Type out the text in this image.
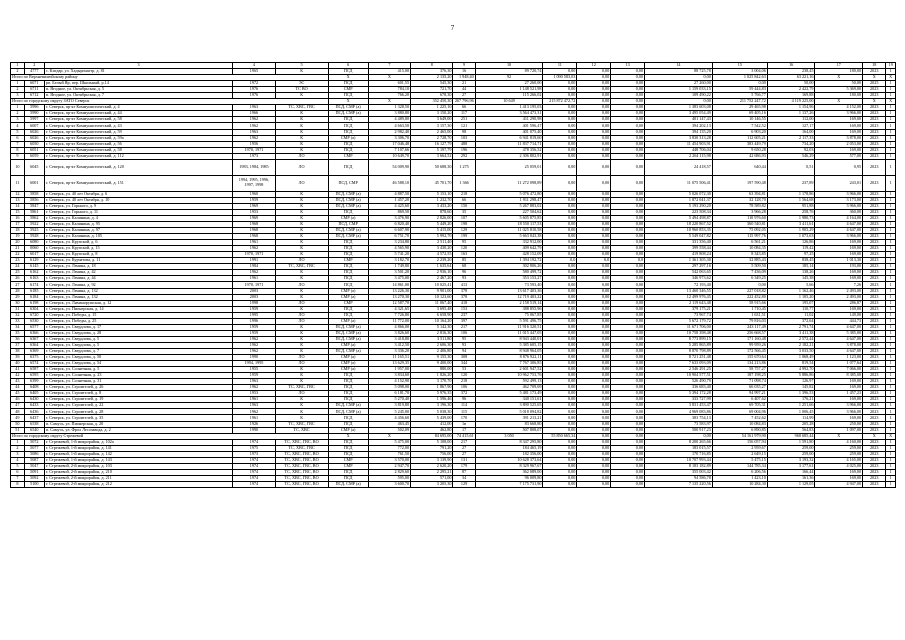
7
1	2	3	4	5	6	7	8	9	10	11	12	13	14	15	16	17	18	19
2	4777	с. Кигдар, ул. Хадыргыштр, д. 81	1965	К	ПСД	415,00	376,30	16	89 720,74	0,00	0,00	0,00	88 725,78	3 004,06	238,45	180,00	2023	1
Итого по Верхневилюйскому району					Х	Х	2 135,20	1 948,40	92	1 090 583,03	0,00	0,00	0,00	1 025 842,63	63 221,16	Х	Х	Х
1	6071	рп. Белый Яр, пер. Школьный, р.14	1972	ЭС	ПСД	601,55	545,30	21	27 260,00	0,00	0,00	0,00	27 260,00	0,00	50,00	50,00	2025	1
2	6711	п. Ягодное, ул. Октябрьская, д. 5	1976	ТС ВО	СМР	784,10	721,70	44	1 148 521,98	0,00	0,00	0,00	1 159 033,15	59 444,83	2 422,79	5 369,00	2023	1
3	6712	п. Ягодное, ул. Октябрьская, д. 7	1976	К	ПСД	766,20	678,30	27	115 266,02	0,00	0,00	0,00	109 490,22	5 766,77	169,88	180,00	2023	1
Итого по городскому округу ЗАТО Северск					Х	Х	352 450,30	267 796,96	10 649	215 872 472,72	0,00	0,00	0,00	211 752 247,72	4 119 225,00	Х	Х	Х
1	5996	г. Северск, пр-кт Коммунистический, д. 4	1963	ТС, ХВС, ГВС	ПСД, СМР (а)	1 328,50	1 225,10	66	1 413 195,03	0,00	0,00	0,00	1 383 603,08	29 465,98	1 154,96	4 152,00	2023	1
2	5990	г. Северск, пр-кт Коммунистический, д. 44	1966	К	ПСД, СМР (а)	3 880,80	3 150,20	117	3 564 473,31	0,00	0,00	0,00	3 495 054,49	69 405,16	1 137,26	3 966,00	2023	1
3	5997	г. Северск, пр-кт Коммунистический, д. 58	1962	К	ПСД	4 489,80	3 649,00	251	411 290,98	0,00	0,00	0,00	401 147,43	10 146,55	112,00	169,00	2023	1
4	6007	г. Северск, пр-кт Коммунистический, д. 43	1962	К	ПСД	4 663,50	3 157,30	121	401 596,47	0,00	0,00	0,00	394 202,13	7 542,52	127,17	169,00	2023	1
5	6026	г. Северск, пр-кт Коммунистический, д. 59	1963	К	ПСД	2 982,40	2 465,00	98	401 075,40	0,00	0,00	0,00	394 135,20	6 903,20	164,00	169,00	2023	1
6	6026	г. Северск, пр-кт Коммунистический, д. 59а	1962	К	СМР (а)	3 306,70	2 728,70	103	6 941 819,60	0,00	0,00	0,00	3 830 313,28	112 605,21	2 117,33	3 878,00	2023	1
7	6050	г. Северск, пр-кт Коммунистический, д. 56	1956	К	ПСД	17 046,48	16 127,79	488	11 837 714,71	0,00	0,00	0,00	11 454 903,91	383 449,79	734,20	2 053,00	2023	1
8	6051	г. Северск, пр-кт Коммунистический, д. 58	1970, 1971	К	ПСД	7 107,66	5 197,79	196	478 356,52	0,00	0,00	0,00	448 706,04	9 650,28	92,03	169,00	2023	1
9	6059	г. Северск, пр-кт Коммунистический, д. 112	1973	ЛО	СМР	10 649,70	3 664,52	292	2 306 802,91	0,00	0,00	0,00	2 264 115,98	42 686,93	546,29	577,00	2023	1
10	6045	г. Северск, пр-кт Коммунистический, д. 120	1983, 1984, 1985	ЛО	ПСД	54 009,90	50 688,30	1 275	25 059,01	0,00	0,00	0,00	24 418,57	640,44	0,51	0,95	2023	1
11	6001	г. Северск, пр-кт Коммунистический, д. 151	1994, 1995, 1996, 1997, 1998	ЛО	ПСД, СМР	46 588,10	45 701,70	1 366	11 272 098,89	0,00	0,00	0,00	11 075 506,41	197 590,48	237,89	243,01	2023	1
12	5858	г. Северск, ул. 40 лет Октября, д. 6	1960	К	ПСД, СМР (а)	4 887,50	5 153,10	218	5 076 472,80	0,00	0,00	0,00	5 026 072,30	63 394,81	1 178,86	3 966,00	2023	1
13	5856	г. Северск, ул. 40 лет Октября, д. 10	1959	К	ПСД, СМР (а)	1 457,20	1 232,70	66	1 911 298,47	0,00	0,00	0,00	1 872 041,37	32 128,70	1 564,68	3 173,00	2023	1
14	5847	г. Северск, ул. Горького, д. 9	1969	К	ПСД, СМР (а)	4 425,60	3 433,20	150	5 267 883,02	0,00	0,00	0,00	5 193 290,20	78 589,82	951,88	3 966,00	2023	1
15	5861	г. Северск, ул. Горького, д. 11	1953	К	ПСД	869,50	878,60	35	227 504,62	0,00	0,00	0,00	223 508,34	3 966,28	258,76	360,00	2023	1
16	5862	г. Северск, ул. Калинина, д. 4	1969	К	СМР (а)	3 476,90	2 826,00	107	5 605 875,85	0,00	0,00	0,00	5 494 498,87	110 976,60	1 980,73	4 164,00	2023	1
17	5922	г. Северск, ул. Калинина, д. 95	1968	К	ПСД, СМР	6 820,40	5 449,20	198	18 550 117,53	0,00	0,00	0,00	18 220 867,52	360 540,81	3 411,61	4 647,00	2023	1
18	5925	г. Северск, ул. Калинина, д. 97	1968	К	ПСД, СМР (а)	6 607,90	5 415,00	129	11 025 810,58	0,00	0,00	0,00	10 960 853,35	75 092,05	1 905,29	4 647,00	2023	1
19	5928	г. Северск, ул. Калинина, д. 105	1968	К	ПСД, СМР (а)	6 751,70	5 992,70	199	5 663 043,38	0,00	0,00	0,00	5 549 047,82	115 997,76	1 073,63	3 966,00	2023	1
20	6080	г. Северск, ул. Крупской, д. 6	1961	К	ПСД	3 234,80	2 511,40	95	332 912,00	0,00	0,00	0,00	331 356,40	6 561,21	126,86	169,00	2023	1
21	0060	г. Северск, ул. Крупской, д. 15	1962	К	ПСД	4 565,90	3 430,20	120	409 642,79	0,00	0,00	0,00	399 558,44	10 084,35	119,42	169,00	2023	1
22	6017	г. Северск, ул. Крупской, д. 8	1970, 1971	К	ПСД	5 741,20	4 572,55	163	428 152,09	0,00	0,00	0,00	419 808,24	8 343,85	97,25	169,00	2023	1
23	6129	г. Северск, ул. Курчатова, д. 11	1991	ЛО	СМР	3 182,70	2 239,20	85	1 394 192,72	0,0	0,0	0,0	1 361 305,30	32 885,43	838,45	1 013,30	2023	1
24	6145	г. Северск, ул. Ленина, д. 18	1984	ТС, ХВС, ГВС	ПСД	1 749,80	1 635,64	68	302 806,26	0,00	0,00	0,00	297 297,16	5 509,50	185,14	193,00	2023	1
25	6162	г. Северск, ул. Ленина, д. 42	1962	К	ПСД	3 501,20	2 936,10	96	580 499,72	0,00	0,00	0,00	542 063,65	7 436,09	138,26	169,00	2023	1
26	6163	г. Северск, ул. Ленина, д. 44	1961	К	ПСД	3 475,00	2 467,20	93	353 153,27	0,00	0,00	0,00	346 973,62	6 349,25	145,38	169,00	2023	1
27	6174	г. Северск, ул. Ленина, д. 92	1970, 1971	ЛО	ПСД	14 861,00	10 025,41	413	73 593,40	0,00	0,00	0,00	72 193,40	0,00	5,66	7,26	2023	1
28	6185	г. Северск, ул. Ленина, д. 132	2003	К	СМР (а)	13 226,30	9 901,00	378	13 617 403,36	0,00	0,00	0,00	13 460 346,55	227 018,82	1 162,46	2 493,00	2023	1
29	6184	г. Северск, ул. Ленина, д. 132	2003	К	СМР (а)	13 270,30	10 123,60	378	12 719 403,22	0,00	0,00	0,00	12 499 976,45	222 452,80	1 105,20	2 493,00	2023	1
30	6198	г. Северск, ул. Лиманорушская, д. 12	1998	ЛО	СМР	12 587,70	11 067,40	418	2 158 519,14	0,00	0,00	0,00	2 119 643,48	58 915,66	195,07	286,87	2023	1
31	6304	г. Северск, ул. Пионерская, д. 14	1959	К	ПСД	4 321,65	3 695,48	153	388 855,96	0,00	0,00	0,00	379 175,21	1 710,45	110,77	169,00	2023	1
32	6720	г. Северск, ул. Победы, д. 15	1995	ЛО	ПСД	7 726,80	6 658,90	237	75 067,85	0,00	0,00	0,00	73 967,74	1 631,51	11,02	149,00	2023	1
33	6530	г. Северск, ул. Победы, д. 25	1996	ЛО	СМР (а)	11 772,00	10 164,20	397	5 591 496,75	0,00	0,00	0,00	5 672 179,72	79 816,03	372,64	444,73	2023	1
34	6577	г. Северск, ул. Свердлова, д. 17	1959	К	ПСД, СМР (а)	4 866,00	5 142,30	217	11 916 320,51	0,00	0,00	0,00	11 671 706,00	243 117,49	2 791,74	4 647,00	2023	1
35	6366	г. Северск, ул. Свердлова, д. 28	1959	К	ПСД, СМР (а)	3 826,60	2 816,30	106	11 015 447,05	0,00	0,00	0,00	10 758 398,48	256 668,57	3 411,38	5 385,00	2023	1
36	6367	г. Северск, ул. Свердлова, д. 5	1962	К	ПСД, СМР (а)	3 418,80	3 511,80	95	8 943 440,01	0,00	0,00	0,00	8 773 899,15	171 160,48	2 572,44	4 647,00	2023	1
37	6364	г. Северск, ул. Свердлова, д. 5	1962	К	СМР (а)	3 412,50	2 606,30	93	5 385 605,15	0,00	0,00	0,00	5 285 865,89	99 959,26	2 182,21	3 878,00	2023	1
38	6369	г. Северск, ул. Свердлова, д. 7	1962	К	ПСД, СМР (а)	3 336,20	2 406,80	94	8 948 964,05	0,00	0,00	0,00	8 870 798,89	172 566,45	3 033,50	4 647,00	2023	1
39	6375	г. Северск, ул. Свердлова, д. 50	1990	ЛО	СМР (а)	11 165,51	9 155,30	308	8 876 922,11	0,00	0,00	0,00	8 721 251,48	155 670,64	1 068,49	1 123,00	2023	1
40	6574	г. Северск, ул. Свердлова, д. 54	1994, 1995	ЛО	СМР (а)	13 629,35	9 400,00	344	7 767 306,85	0,00	0,00	0,00	7 633 093,09	134 213,86	819,54	1 077,64	2023	1
41	6587	г. Северск, ул. Солнечная, д. 5	1955	К	СМР (а)	1 957,00	880,00	53	2 601 947,52	0,00	0,00	0,00	2 546 291,25	58 757,27	4 992,70	7 066,00	2023	1
42	6595	г. Северск, ул. Солнечная, д. 23	1959	К	ПСД	3 834,60	1 826,20	120	10 962 753,76	0,00	0,00	0,00	10 904 577,51	187 198,25	5 886,86	8 385,00	2023	1
43	6399	г. Северск, ул. Солнечная, д. 31	1963	К	ПСД	4 152,90	3 170,70	218	592 499,13	0,00	0,00	0,00	526 490,79	71 098,74	126,97	169,00	2023	1
44	6408	г. Северск, ул. Строителей, д. 26	1962	ТС, ХВС, ГВС	ПСД	5 098,00	1 867,90	106	462 709,69	0,00	0,00	0,00	336 683,40	66 035,27	145,82	169,00	2023	1
45	6405	г. Северск, ул. Строителей, д. 8	1953	ЛО	ПСД	6 181,70	5 976,35	372	5 481 173,49	0,00	0,00	0,00	5 394 172,28	94 997,21	1 396,53	1 457,23	2023	1
46	6430	г. Северск, ул. Строителей, д. 19	1961	К	ПСД	5 270,40	1 596,46	96	340 151,61	0,00	0,00	0,00	333 727,99	6 407,62	176,21	169,00	2023	1
47	6433	г. Северск, ул. Строителей, д. 22	1963	К	ПСД, СМР (а)	3 819,80	3 196,30	114	3 890 525,65	0,00	0,00	0,00	3 831 453,47	69 705,31	1 251,66	3 966,00	2023	1
48	6436	г. Северск, ул. Строителей, д. 28	1962	К	ПСД, СМР (а)	5 245,00	5 038,30	115	5 018 094,82	0,00	0,00	0,00	4 969 083,86	69 004,96	1 006,45	3 966,00	2023	1
49	6437	г. Северск, ул. Строителей, д. 35	1961	К	ПСД	4 456,60	5 439,00	170	391 213,21	0,00	0,00	0,00	383 754,13	7 452,62	114,99	169,00	2023	1
50	6538	п. Самусь, ул. Пионерская, д. 20	1926	ТС, ХВС, ГВС	ПСД	463,45	412,00	1в	83 668,80	0,00	0,00	0,00	73 583,97	10 084,83	205,28	250,00	2023	1
51	6540	п. Самусь, ул. Фрол Лесозавода, д. 2	1990	ТС, ХВС	СМР (а)	502,09	462,80	17	507 808,07	0,00	0,00	0,00	500 917,23	6 890,85	564,83	1 097,00	2023	1
Итого по городскому округу Стрежевой					Х	Х	84 695,00	74 415,61	3 050	55 850 665,34	0,00	0,00	0,00	54 161 979,90	968 685,44	Х	Х	Х
1	5072	г. Стрежевой, 1-й микрорайон, д. 102а	1974	ТС, ХВС, ГВС, ВО	ПСД	5 475,00	5 108,00	217	8 347 295,80	0,00	0,00	0,00	8 200 265,66	156 057,94	1 591,80	4 160,00	2023	1
2	5077	г. Стрежевой, 1-й микрорайон, д. 141	1975	ТС, ХВС, ГВС	ПСД	772,00	791,20	27	184 465,19	0,00	0,00	0,00	183 015,57	2 959,67	259,00	259,00	2023	1
3	5086	г. Стрежевой, 1-й микрорайон, д. 142	1973	ТС, ХВС, ГВС, ВО	ПСД	761,50	756,00	27	182 356,00	0,00	0,00	0,00	170 716,85	2 649,15	259,00	259,00	2023	1
4	5087	г. Стрежевой, 1-й микрорайон, д. 143	1974	ТС, ХВС, ГВС, ВО	СМР	3 570,00	3 139,90	131	10 628 373,64	0,00	0,00	0,00	10 707 993,44	5 475,15	3 193,32	4 165,00	2023	1
5	5047	г. Стрежевой, 2-й микрорайон, д. 103	1974	ТС, ХВС, ГВС, ВО	СМР	2 947,70	2 620,20	179	8 329 967,67	0,00	0,00	0,00	8 183 182,89	144 785,34	3 177,61	4 025,00	2023	1
6	5091	г. Стрежевой, 2-й микрорайон, д. 210	1974	ТС, ХВС, ГВС, ВО	ПСД	2 829,60	2 295,21	87	362 089,00	0,00	0,00	0,00	355 003,42	6 206,56	166,44	169,00	2023	1
7	5092	г. Стрежевой, 2-й микрорайон, д. 211	1974	ТС, ХВС, ГВС, ВО	ПСД	595,00	571,00	34	96 009,80	0,00	0,00	0,00	94 586,78	1 423,10	161,36	169,00	2023	1
8	5100	г. Стрежевой, 2-й микрорайон, д. 212	1974	ТС, ХВС, ГВС, ВО	ПСД, СМР (а)	3 600,70	3 205,30	129	7 175 731,90	0,00	0,00	0,00	7 135 220,56	10 284,30	1 129,05	4 947,00	2023	1
